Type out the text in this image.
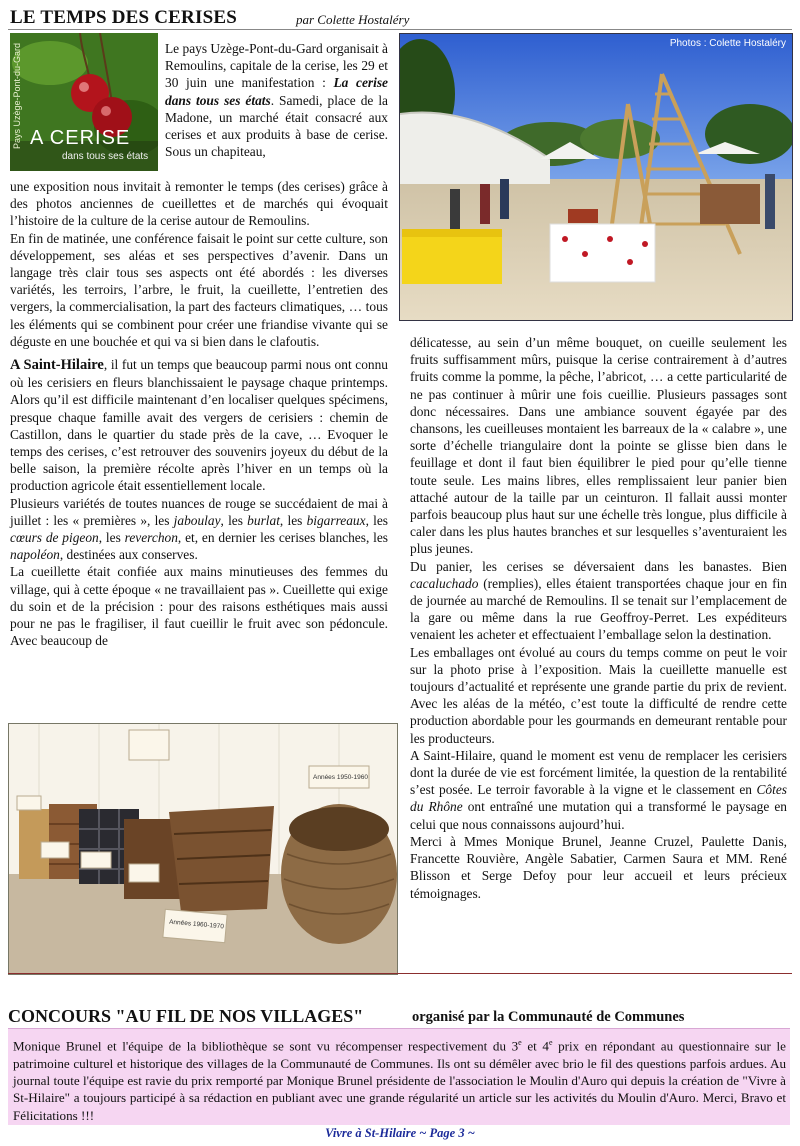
LE TEMPS DES CERISES	par Colette Hostaléry
Pays Uzège-Pont-du-Gard A CERISE
dans tous ses états
Photos : Colette Hostaléry

Le pays Uzège-Pont-du-Gard organisait à Remoulins, capitale de la cerise, les 29 et 30 juin une manifestation : La cerise dans tous ses états. Samedi, place de la Madone, un marché était consacré aux cerises et aux produits à base de cerise. Sous un chapiteau,

une exposition nous invitait à remonter le temps (des cerises) grâce à des photos anciennes de cueillettes et de marchés qui évoquait l’histoire de la culture de la cerise autour de Remoulins.

En fin de matinée, une conférence faisait le point sur cette culture, son développement, ses aléas et ses perspectives d’avenir. Dans un langage très clair tous ses aspects ont été abordés : les diverses variétés, les terroirs, l’arbre, le fruit, la cueillette, l’entretien des vergers, la commercialisation, la part des facteurs climatiques, … tous les éléments qui se combinent pour créer une friandise vivante qui se déguste en une bouchée et qui va si bien dans le clafoutis.

A Saint-Hilaire, il fut un temps que beaucoup parmi nous ont connu où les cerisiers en fleurs blanchissaient le paysage chaque printemps. Alors qu’il est difficile maintenant d’en localiser quelques spécimens, presque chaque famille avait des vergers de cerisiers : chemin de Castillon, dans le quartier du stade près de la cave, … Evoquer le temps des cerises, c’est retrouver des souvenirs joyeux du début de la belle saison, la première récolte après l’hiver en un temps où la production agricole était essentiellement locale.

Plusieurs variétés de toutes nuances de rouge se succédaient de mai à juillet : les « premières », les jaboulay, les burlat, les bigarreaux, les cœurs de pigeon, les reverchon, et, en dernier les cerises blanches, les napoléon, destinées aux conserves.

La cueillette était confiée aux mains minutieuses des femmes du village, qui à cette époque « ne travaillaient pas ». Cueillette qui exige du soin et de la précision : pour des raisons esthétiques mais aussi pour ne pas le fragiliser, il faut cueillir le fruit avec son pédoncule. Avec beaucoup de

Années 1950-1960
Années 1960-1970

délicatesse, au sein d’un même bouquet, on cueille seulement les fruits suffisamment mûrs, puisque la cerise contrairement à d’autres fruits comme la pomme, la pêche, l’abricot, … a cette particularité de ne pas continuer à mûrir une fois cueillie. Plusieurs passages sont donc nécessaires. Dans une ambiance souvent égayée par des chansons, les cueilleuses montaient les barreaux de la « calabre », une sorte d’échelle triangulaire dont la pointe se glisse bien dans le feuillage et dont il faut bien équilibrer le pied pour qu’elle tienne toute seule. Les mains libres, elles remplissaient leur panier bien attaché autour de la taille par un ceinturon. Il fallait aussi monter parfois beaucoup plus haut sur une échelle très longue, plus difficile à caler dans les plus hautes branches et sur lesquelles s’aventuraient les plus jeunes.

Du panier, les cerises se déversaient dans les banastes. Bien cacaluchado (remplies), elles étaient transportées chaque jour en fin de journée au marché de Remoulins. Il se tenait sur l’emplacement de la gare ou même dans la rue Geoffroy-Perret. Les expéditeurs venaient les acheter et effectuaient l’emballage selon la destination.

Les emballages ont évolué au cours du temps comme on peut le voir sur la photo prise à l’exposition. Mais la cueillette manuelle est toujours d’actualité et représente une grande partie du prix de revient. Avec les aléas de la météo, c’est toute la difficulté de rendre cette production abordable pour les gourmands en demeurant rentable pour les producteurs.

A Saint-Hilaire, quand le moment est venu de remplacer les cerisiers dont la durée de vie est forcément limitée, la question de la rentabilité s’est posée. Le terroir favorable à la vigne et le classement en Côtes du Rhône ont entraîné une mutation qui a transformé le paysage en celui que nous connaissons aujourd’hui.

Merci à Mmes Monique Brunel, Jeanne Cruzel, Paulette Danis, Francette Rouvière, Angèle Sabatier, Carmen Saura et MM. René Blisson et Serge Defoy pour leur accueil et leurs précieux témoignages.

CONCOURS "AU FIL DE NOS VILLAGES"	organisé par la Communauté de Communes

Monique Brunel et l'équipe de la bibliothèque se sont vu récompenser respectivement du 3e et 4e prix en répondant au questionnaire sur le patrimoine culturel et historique des villages de la Communauté de Communes. Ils ont su démêler avec brio le fil des questions parfois ardues. Au journal toute l'équipe est ravie du prix remporté par Monique Brunel présidente de l'association le Moulin d'Auro qui depuis la création de "Vivre à St-Hilaire" a toujours participé à sa rédaction en publiant avec une grande régularité un article sur les activités du Moulin d'Auro. Merci, Bravo et Félicitations !!!

Vivre à St-Hilaire ~ Page 3 ~
